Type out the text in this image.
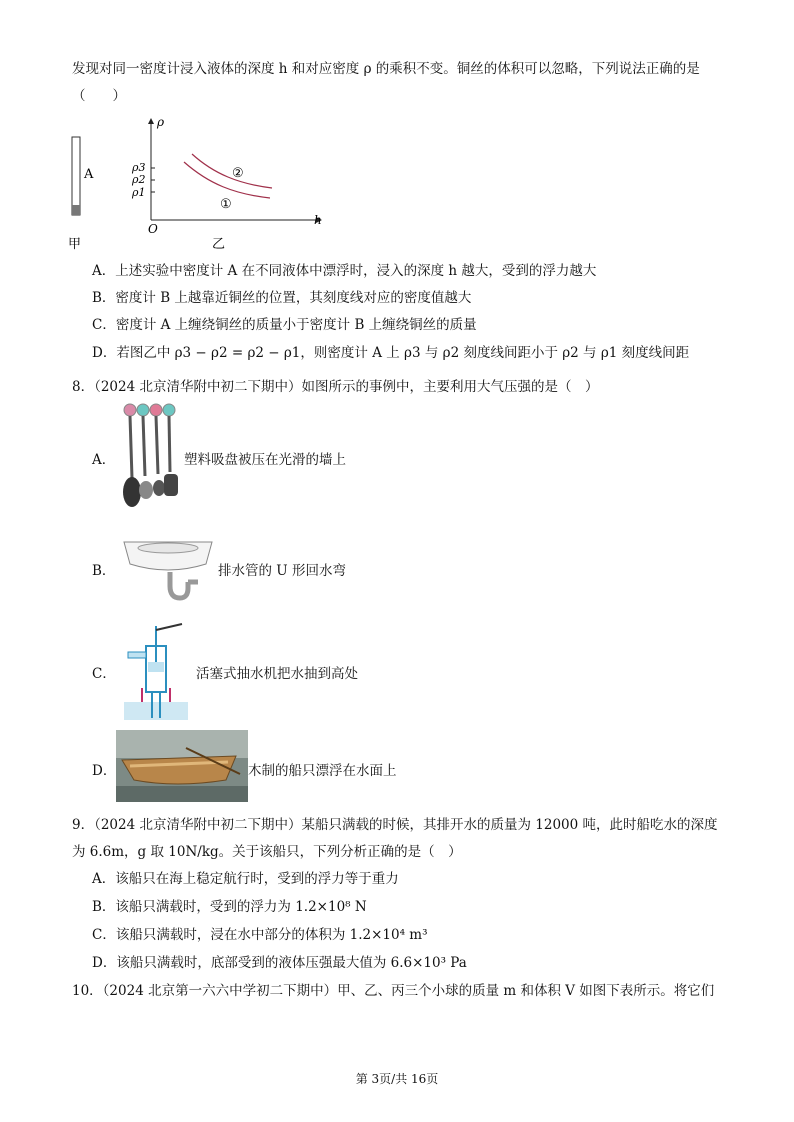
发现对同一密度计浸入液体的深度 h 和对应密度 ρ 的乘积不变。铜丝的体积可以忽略，下列说法正确的是
（　　）
A
甲
ρ
h
O
ρ3
ρ2
ρ1
②
①
乙
A．上述实验中密度计 A 在不同液体中漂浮时，浸入的深度 h 越大，受到的浮力越大
B．密度计 B 上越靠近铜丝的位置，其刻度线对应的密度值越大
C．密度计 A 上缠绕铜丝的质量小于密度计 B 上缠绕铜丝的质量
D．若图乙中 ρ3 − ρ2 = ρ2 − ρ1，则密度计 A 上 ρ3 与 ρ2 刻度线间距小于 ρ2 与 ρ1 刻度线间距
8．（2024 北京清华附中初二下期中）如图所示的事例中，主要利用大气压强的是（　）
A．	塑料吸盘被压在光滑的墙上
B．	排水管的 U 形回水弯
C．	活塞式抽水机把水抽到高处
D．	木制的船只漂浮在水面上
9．（2024 北京清华附中初二下期中）某船只满载的时候，其排开水的质量为 12000 吨，此时船吃水的深度
为 6.6m，g 取 10N/kg。关于该船只，下列分析正确的是（　）
A．该船只在海上稳定航行时，受到的浮力等于重力
B．该船只满载时，受到的浮力为 1.2×10⁸ N
C．该船只满载时，浸在水中部分的体积为 1.2×10⁴ m³
D．该船只满载时，底部受到的液体压强最大值为 6.6×10³ Pa
10．（2024 北京第一六六中学初二下期中）甲、乙、丙三个小球的质量 m 和体积 V 如图下表所示。将它们
第 3页/共 16页
